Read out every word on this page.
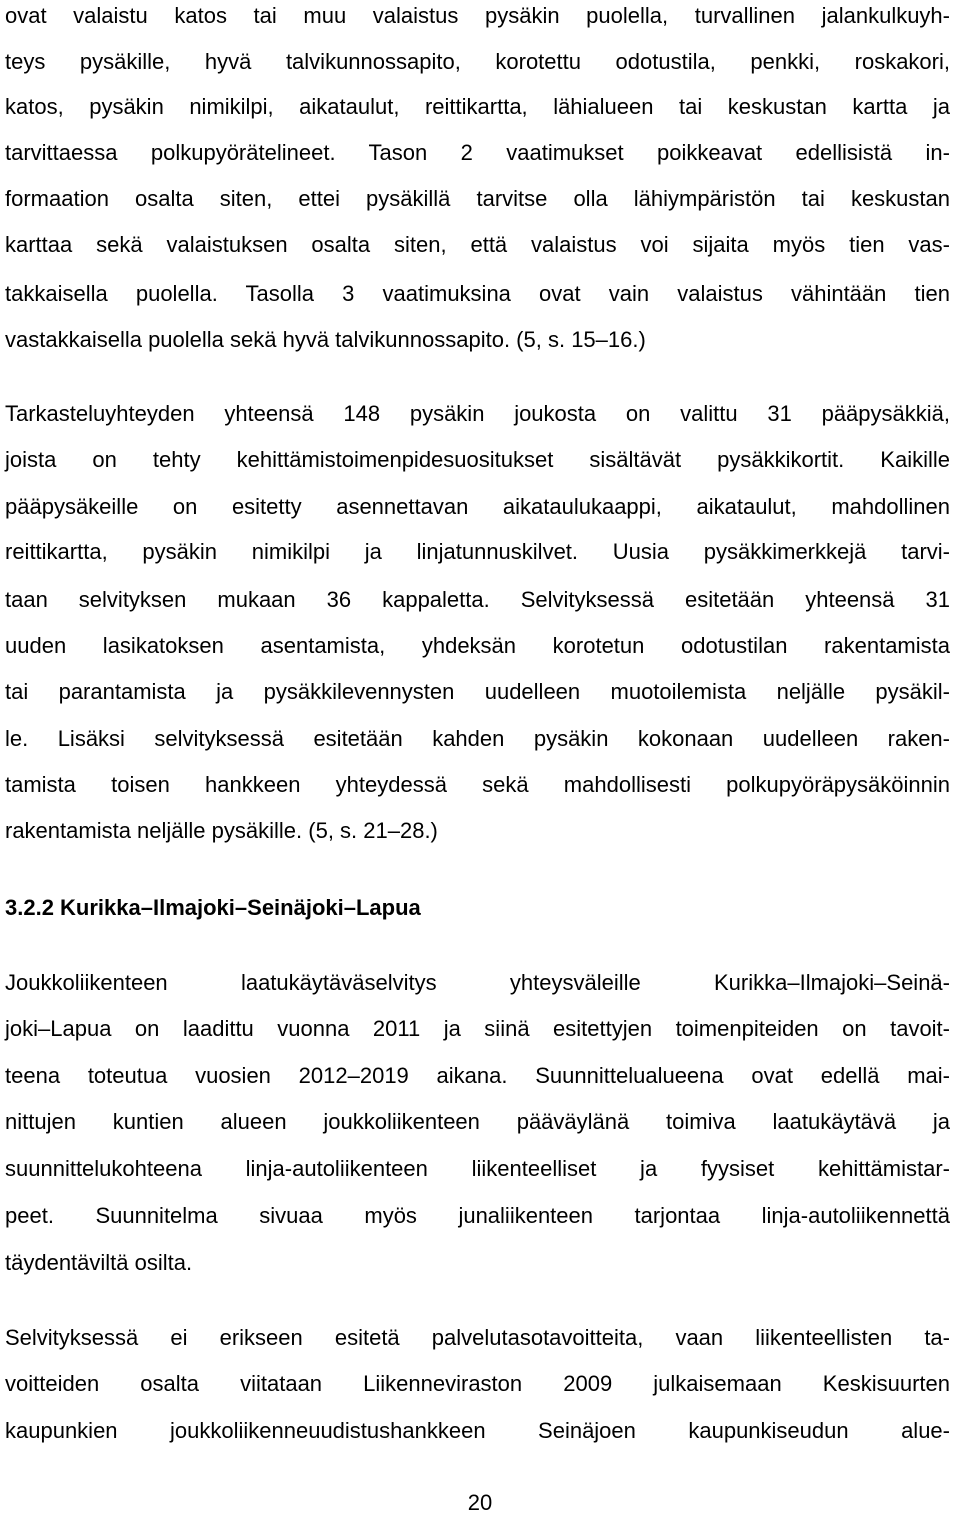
ovat valaistu katos tai muu valaistus pysäkin puolella, turvallinen jalankulkuyh-
teys pysäkille, hyvä talvikunnossapito, korotettu odotustila, penkki, roskakori,
katos, pysäkin nimikilpi, aikataulut, reittikartta, lähialueen tai keskustan kartta ja
tarvittaessa polkupyörätelineet. Tason 2 vaatimukset poikkeavat edellisistä in-
formaation osalta siten, ettei pysäkillä tarvitse olla lähiympäristön tai keskustan
karttaa sekä valaistuksen osalta siten, että valaistus voi sijaita myös tien vas-
takkaisella puolella. Tasolla 3 vaatimuksina ovat vain valaistus vähintään tien
vastakkaisella puolella sekä hyvä talvikunnossapito. (5, s. 15–16.)
Tarkasteluyhteyden yhteensä 148 pysäkin joukosta on valittu 31 pääpysäkkiä,
joista on tehty kehittämistoimenpidesuositukset sisältävät pysäkkikortit. Kaikille
pääpysäkeille on esitetty asennettavan aikataulukaappi, aikataulut, mahdollinen
reittikartta, pysäkin nimikilpi ja linjatunnuskilvet. Uusia pysäkkimerkkejä tarvi-
taan selvityksen mukaan 36 kappaletta. Selvityksessä esitetään yhteensä 31
uuden lasikatoksen asentamista, yhdeksän korotetun odotustilan rakentamista
tai parantamista ja pysäkkilevennysten uudelleen muotoilemista neljälle pysäkil-
le. Lisäksi selvityksessä esitetään kahden pysäkin kokonaan uudelleen raken-
tamista toisen hankkeen yhteydessä sekä mahdollisesti polkupyöräpysäköinnin
rakentamista neljälle pysäkille. (5, s. 21–28.)
3.2.2 Kurikka–Ilmajoki–Seinäjoki–Lapua
Joukkoliikenteen laatukäytäväselvitys yhteysväleille Kurikka–Ilmajoki–Seinä-
joki–Lapua on laadittu vuonna 2011 ja siinä esitettyjen toimenpiteiden on tavoit-
teena toteutua vuosien 2012–2019 aikana. Suunnittelualueena ovat edellä mai-
nittujen kuntien alueen joukkoliikenteen pääväylänä toimiva laatukäytävä ja
suunnittelukohteena linja-autoliikenteen liikenteelliset ja fyysiset kehittämistar-
peet. Suunnitelma sivuaa myös junaliikenteen tarjontaa linja-autoliikennettä
täydentäviltä osilta.
Selvityksessä ei erikseen esitetä palvelutasotavoitteita, vaan liikenteellisten ta-
voitteiden osalta viitataan Liikenneviraston 2009 julkaisemaan Keskisuurten
kaupunkien joukkoliikenneuudistushankkeen Seinäjoen kaupunkiseudun alue-
20
